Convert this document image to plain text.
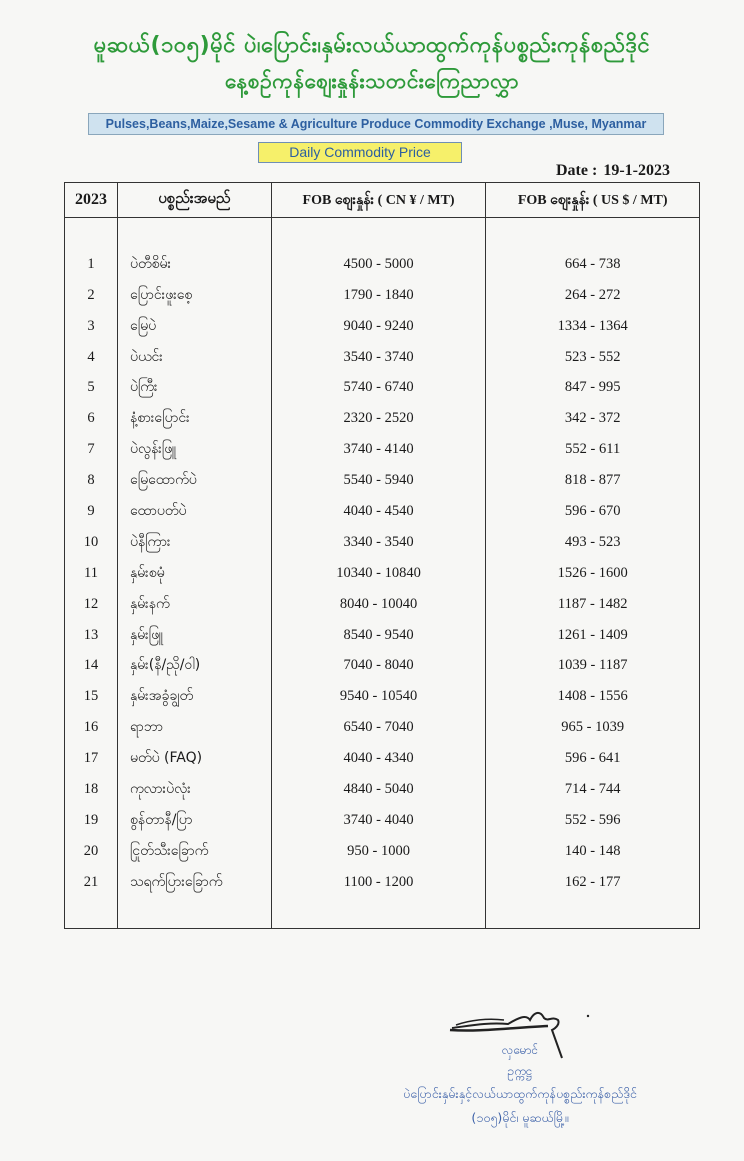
မူဆယ်(၁၀၅)မိုင် ပဲ၊ပြောင်း၊နှမ်းလယ်ယာထွက်ကုန်ပစ္စည်းကုန်စည်ဒိုင်
နေ့စဉ်ကုန်စျေးနှုန်းသတင်းကြေညာလွှာ
Pulses,Beans,Maize,Sesame & Agriculture Produce Commodity Exchange ,Muse, Myanmar
Daily Commodity Price
Date : 19-1-2023
2023	ပစ္စည်းအမည်	FOB စျေးနှုန်း ( CN ¥ / MT)	FOB စျေးနှုန်း ( US $ / MT)

1	ပဲတီစိမ်း	4500 - 5000	664 - 738
2	ပြောင်းဖူးစေ့	1790 - 1840	264 - 272
3	မြေပဲ	9040 - 9240	1334 - 1364
4	ပဲယင်း	3540 - 3740	523 - 552
5	ပဲကြီး	5740 - 6740	847 - 995
6	နံ့စားပြောင်း	2320 - 2520	342 - 372
7	ပဲလွန်းဖြူ	3740 - 4140	552 - 611
8	မြေထောက်ပဲ	5540 - 5940	818 - 877
9	ထောပတ်ပဲ	4040 - 4540	596 - 670
10	ပဲနီကြား	3340 - 3540	493 - 523
11	နှမ်းစမုံ	10340 - 10840	1526 - 1600
12	နှမ်းနက်	8040 - 10040	1187 - 1482
13	နှမ်းဖြူ	8540 - 9540	1261 - 1409
14	နှမ်း(နီ/ညို/ဝါ)	7040 - 8040	1039 - 1187
15	နှမ်းအခွံချွတ်	9540 - 10540	1408 - 1556
16	ရာဘာ	6540 - 7040	965 - 1039
17	မတ်ပဲ (FAQ)	4040 - 4340	596 - 641
18	ကုလားပဲလုံး	4840 - 5040	714 - 744
19	စွန်တာနီ/ပြာ	3740 - 4040	552 - 596
20	ငြုတ်သီးခြောက်	950 - 1000	140 - 148
21	သရက်ပြားခြောက်	1100 - 1200	162 - 177

လှမောင်
ဥက္ကဋ္ဌ
ပဲပြောင်းနှမ်းနှင့်လယ်ယာထွက်ကုန်ပစ္စည်းကုန်စည်ဒိုင်
(၁၀၅)မိုင်၊ မူဆယ်မြို့။
